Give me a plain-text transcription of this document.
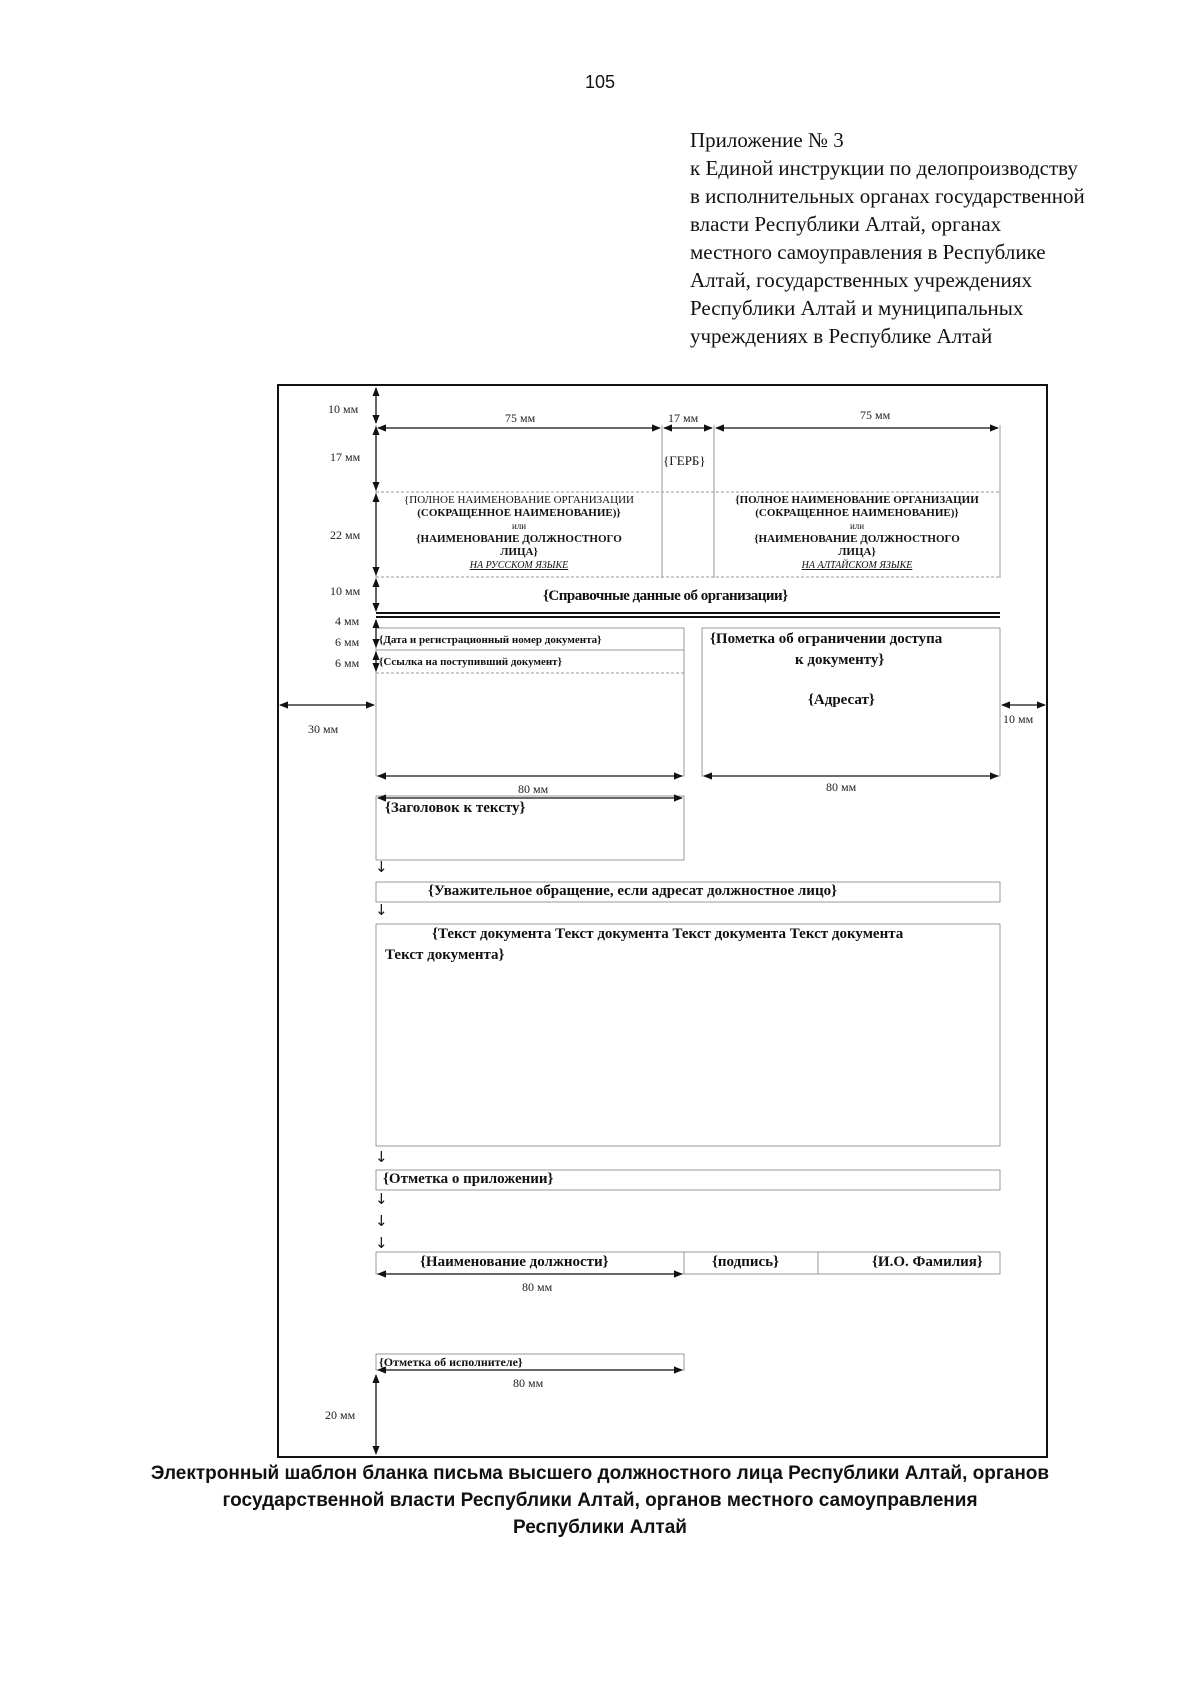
105
Приложение № 3
к Единой инструкции по делопроизводству
в исполнительных органах государственной
власти Республики Алтай, органах
местного самоуправления в Республике
Алтай, государственных учреждениях
Республики Алтай и муниципальных
учреждениях в Республике Алтай
10 мм
75 мм	17 мм	75 мм
17 мм
22 мм
10 мм
4 мм
6 мм
6 мм
30 мм
10 мм
80 мм	80 мм
80 мм
80 мм
20 мм
{ГЕРБ}
{ПОЛНОЕ НАИМЕНОВАНИЕ ОРГАНИЗАЦИИ
(СОКРАЩЕННОЕ НАИМЕНОВАНИЕ)}
или
{НАИМЕНОВАНИЕ ДОЛЖНОСТНОГО
ЛИЦА}
НА РУССКОМ ЯЗЫКЕ
{ПОЛНОЕ НАИМЕНОВАНИЕ ОРГАНИЗАЦИИ
(СОКРАЩЕННОЕ НАИМЕНОВАНИЕ)}
или
{НАИМЕНОВАНИЕ ДОЛЖНОСТНОГО
ЛИЦА}
НА АЛТАЙСКОМ ЯЗЫКЕ
{Справочные данные об организации}
{Дата и регистрационный номер документа}
{Ссылка на поступивший документ}
{Пометка об ограничении доступа
к документу}
{Адресат}
{Заголовок к тексту}
↓
{Уважительное обращение, если адресат должностное лицо}
↓
{Текст документа Текст документа Текст документа Текст документа
Текст документа}
↓
{Отметка о приложении}
↓
↓
↓
{Наименование должности}	{подпись}	{И.О. Фамилия}
{Отметка об исполнителе}
Электронный шаблон бланка письма высшего должностного лица Республики Алтай, органов
государственной власти Республики Алтай, органов местного самоуправления
Республики Алтай
